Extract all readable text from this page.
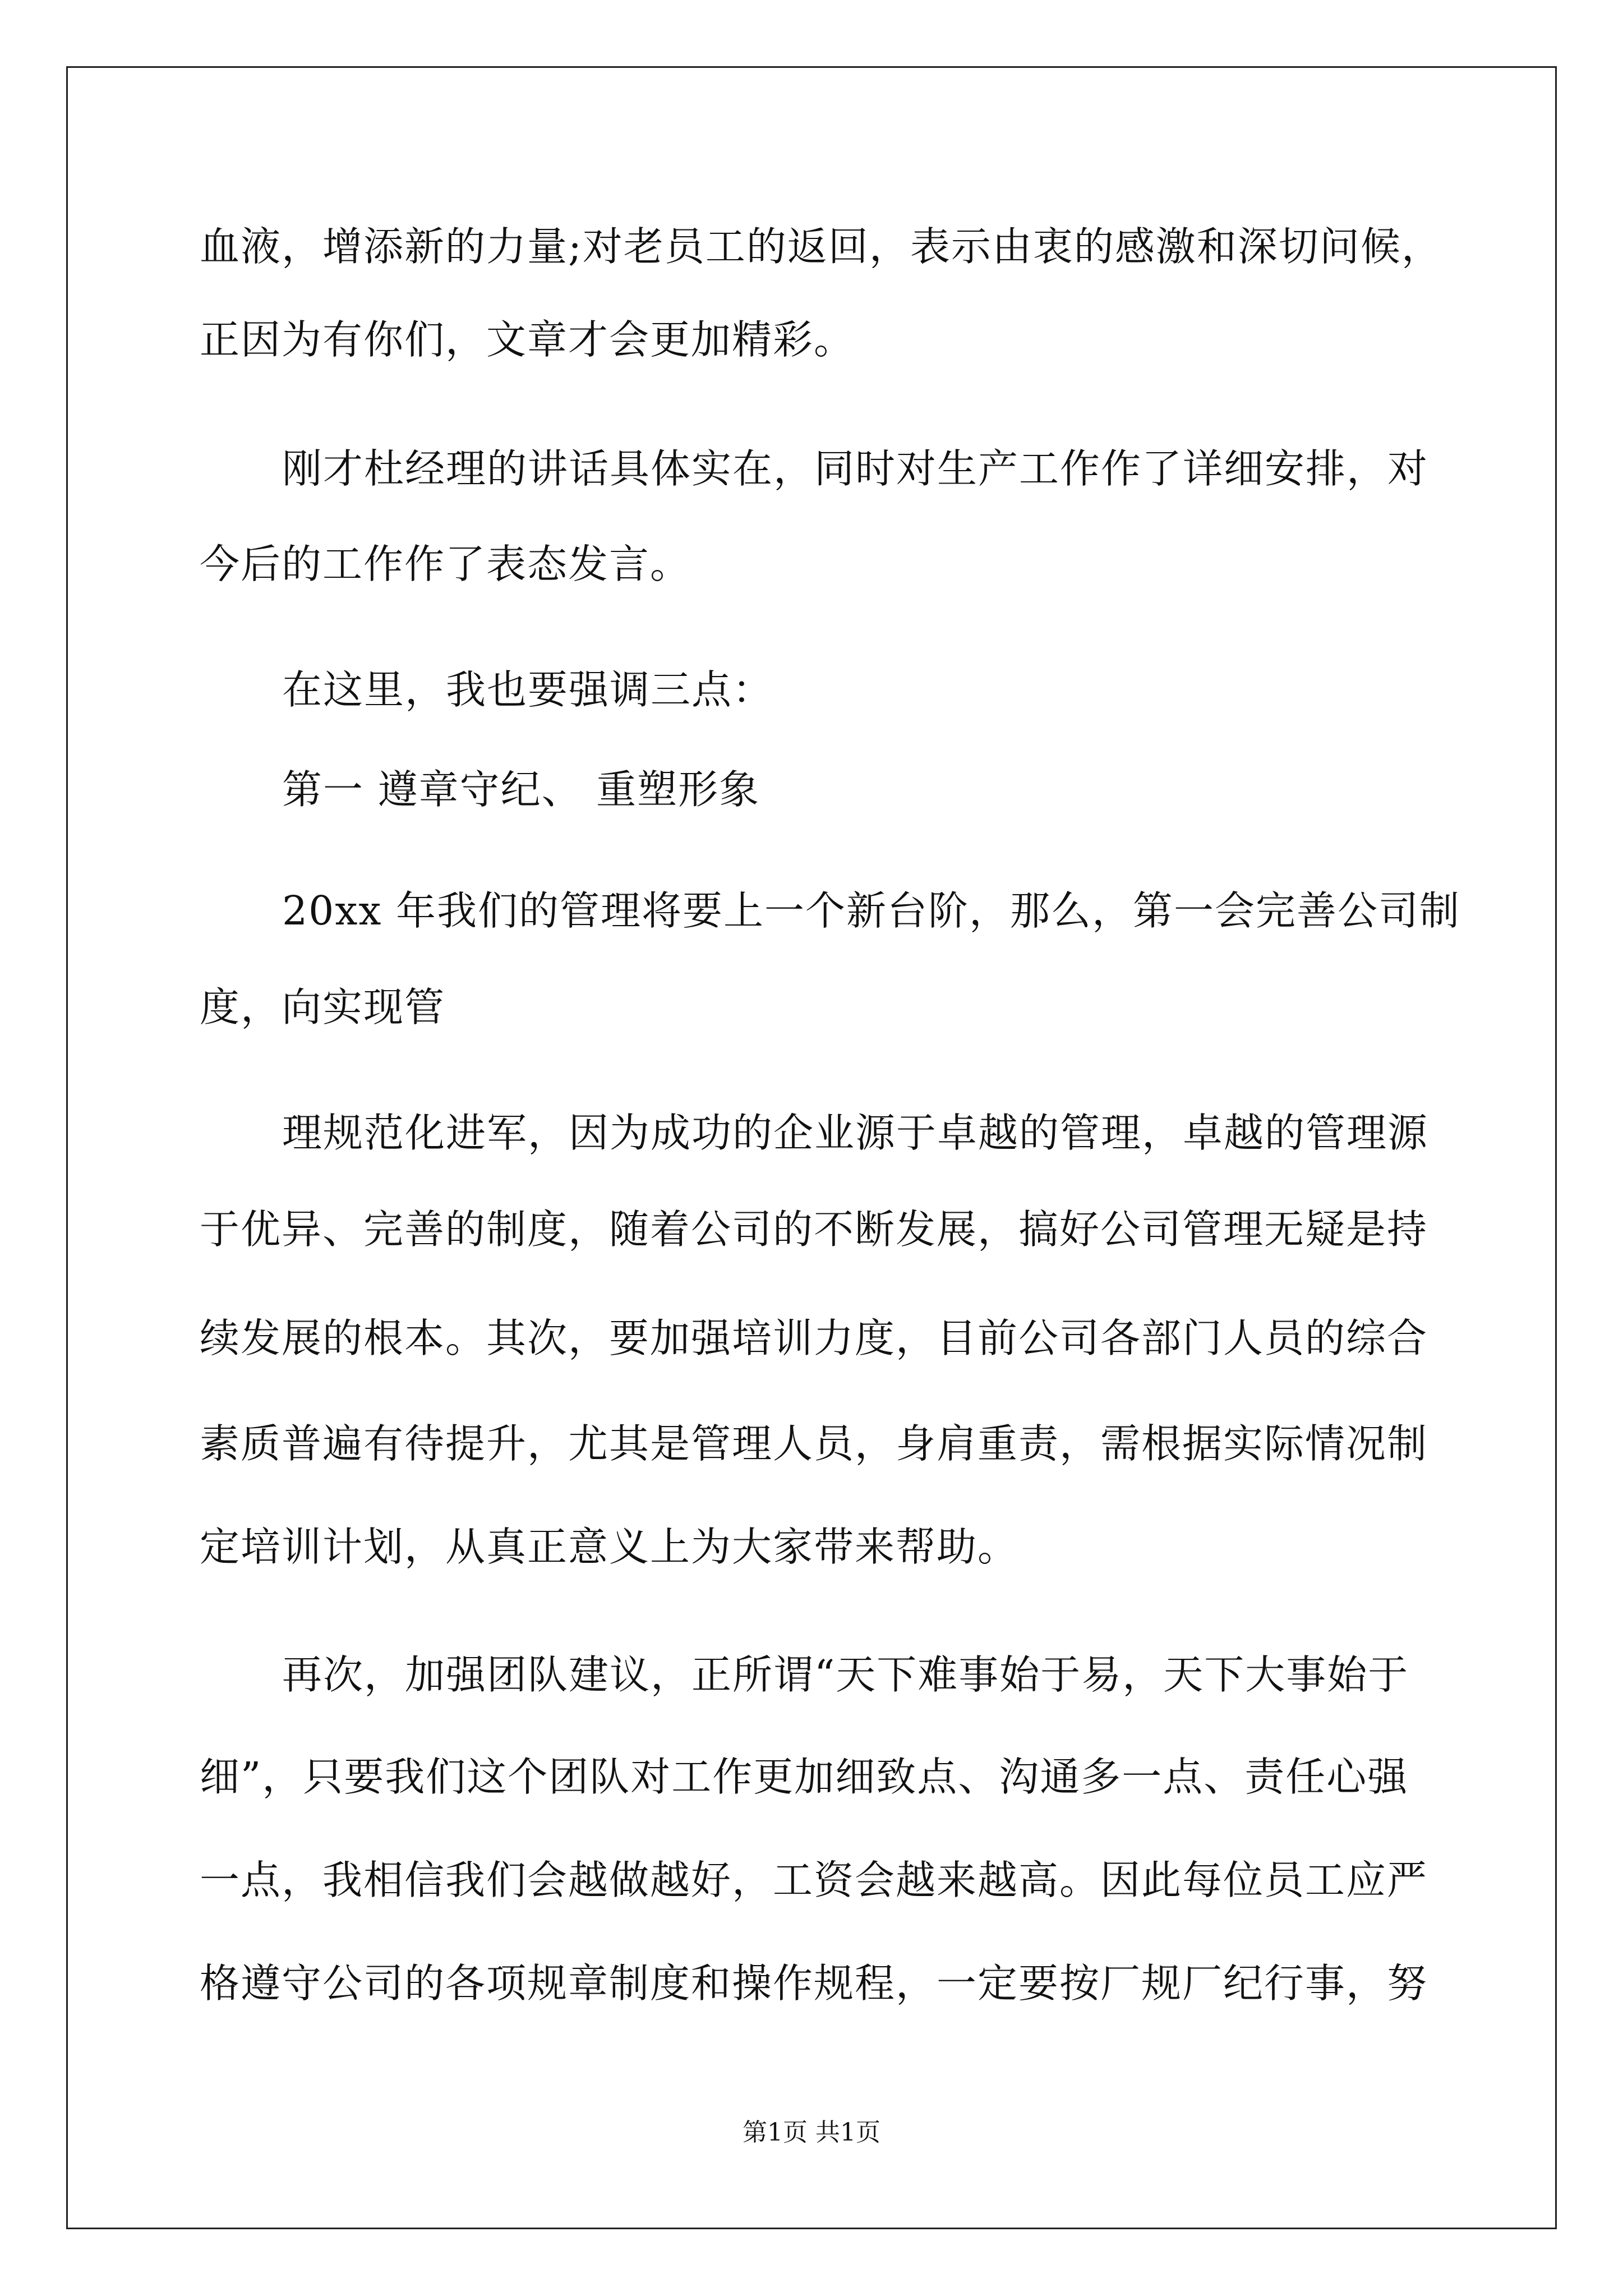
血液，增添新的力量;对老员工的返回，表示由衷的感激和深切问候，
正因为有你们，文章才会更加精彩。
刚才杜经理的讲话具体实在，同时对生产工作作了详细安排，对
今后的工作作了表态发言。
在这里，我也要强调三点：
第一 遵章守纪、 重塑形象
20xx 年我们的管理将要上一个新台阶，那么，第一会完善公司制
度，向实现管
理规范化进军，因为成功的企业源于卓越的管理，卓越的管理源
于优异、完善的制度，随着公司的不断发展，搞好公司管理无疑是持
续发展的根本。其次，要加强培训力度，目前公司各部门人员的综合
素质普遍有待提升，尤其是管理人员，身肩重责，需根据实际情况制
定培训计划，从真正意义上为大家带来帮助。
再次，加强团队建议，正所谓“天下难事始于易，天下大事始于
细”，只要我们这个团队对工作更加细致点、沟通多一点、责任心强
一点，我相信我们会越做越好，工资会越来越高。因此每位员工应严
格遵守公司的各项规章制度和操作规程，一定要按厂规厂纪行事，努
第1页 共1页
